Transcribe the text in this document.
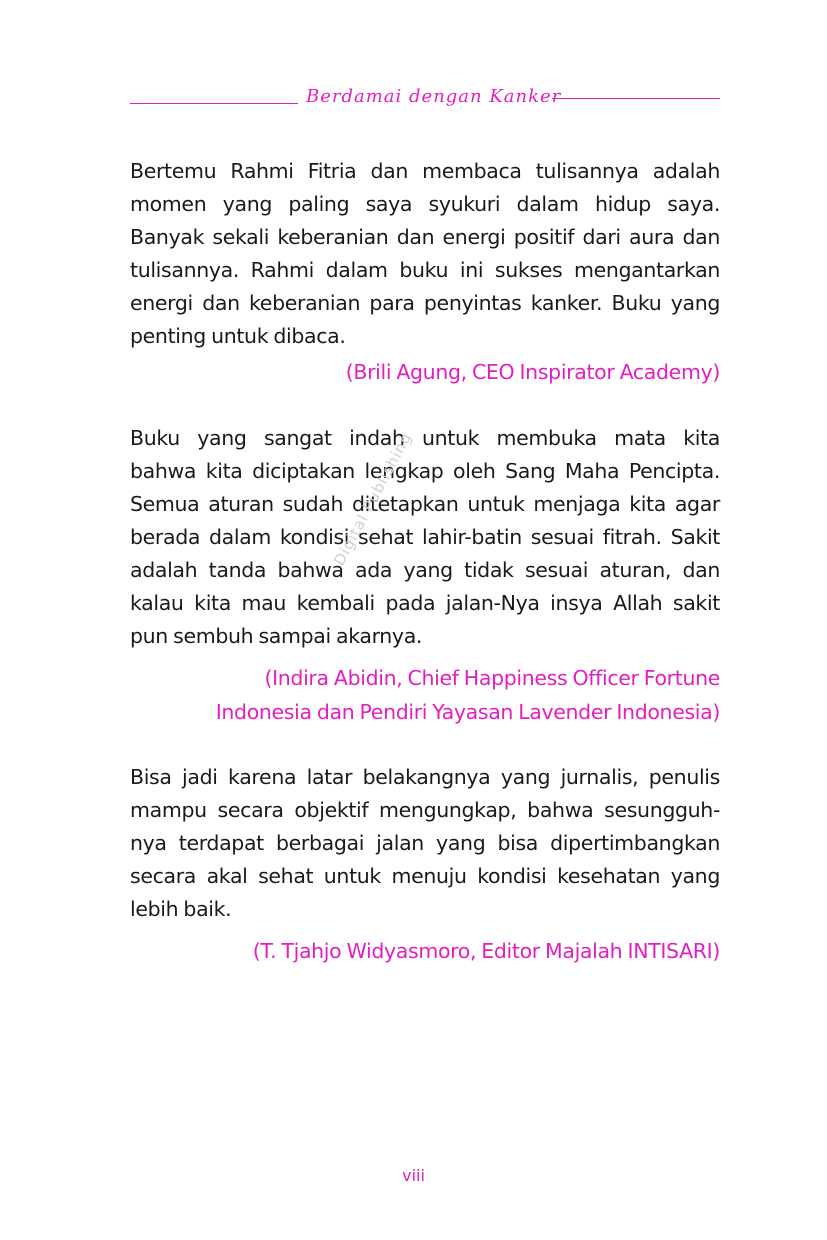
Berdamai dengan Kanker
Bertemu Rahmi Fitria dan membaca tulisannya adalah
momen yang paling saya syukuri dalam hidup saya.
Banyak sekali keberanian dan energi positif dari aura dan
tulisannya. Rahmi dalam buku ini sukses mengantarkan
energi dan keberanian para penyintas kanker. Buku yang
penting untuk dibaca.
(Brili Agung, CEO Inspirator Academy)
Buku yang sangat indah untuk membuka mata kita
bahwa kita diciptakan lengkap oleh Sang Maha Pencipta.
Semua aturan sudah ditetapkan untuk menjaga kita agar
berada dalam kondisi sehat lahir-batin sesuai fitrah. Sakit
adalah tanda bahwa ada yang tidak sesuai aturan, dan
kalau kita mau kembali pada jalan-Nya insya Allah sakit
pun sembuh sampai akarnya.
(Indira Abidin, Chief Happiness Officer Fortune
Indonesia dan Pendiri Yayasan Lavender Indonesia)
Bisa jadi karena latar belakangnya yang jurnalis, penulis
mampu secara objektif mengungkap, bahwa sesungguh-
nya terdapat berbagai jalan yang bisa dipertimbangkan
secara akal sehat untuk menuju kondisi kesehatan yang
lebih baik.
(T. Tjahjo Widyasmoro, Editor Majalah INTISARI)
Digital Publishing
viii
